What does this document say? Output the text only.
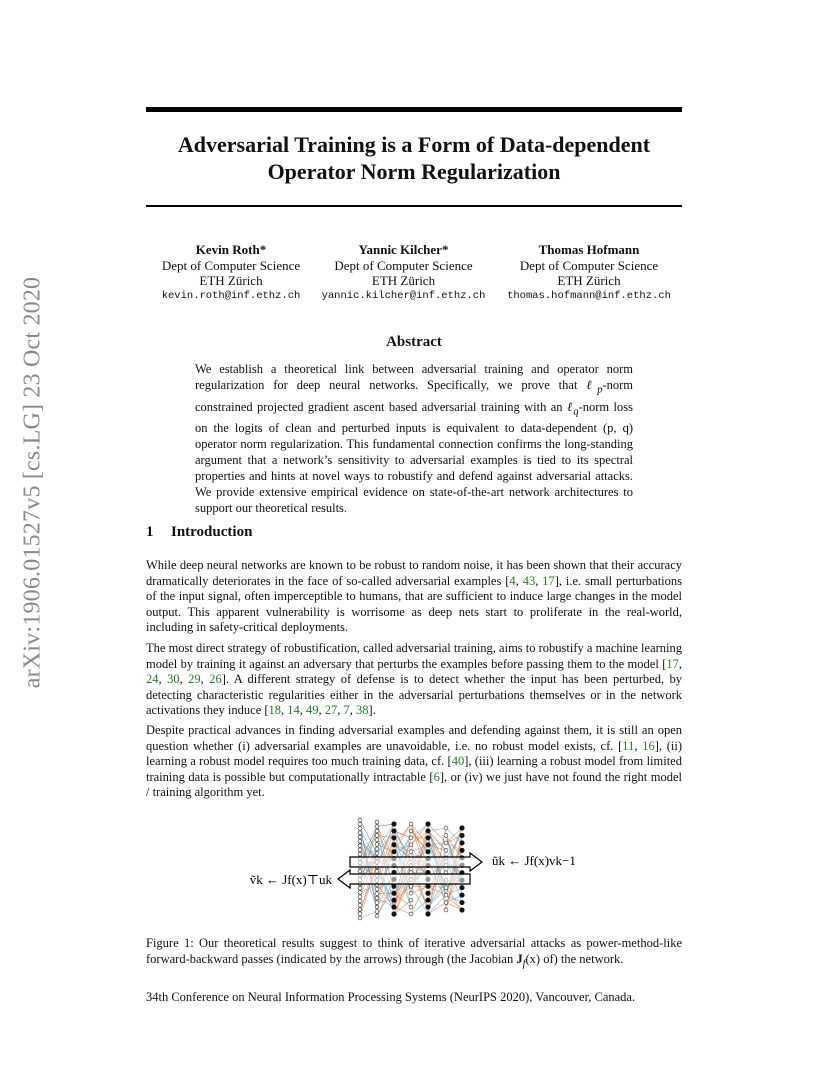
arXiv:1906.01527v5 [cs.LG] 23 Oct 2020
Adversarial Training is a Form of Data-dependent
Operator Norm Regularization
Kevin Roth*
Dept of Computer Science
ETH Zürich
kevin.roth@inf.ethz.ch
Yannic Kilcher*
Dept of Computer Science
ETH Zürich
yannic.kilcher@inf.ethz.ch
Thomas Hofmann
Dept of Computer Science
ETH Zürich
thomas.hofmann@inf.ethz.ch
Abstract

We establish a theoretical link between adversarial training and operator norm regularization for deep neural networks. Specifically, we prove that ℓ$_p$-norm constrained projected gradient ascent based adversarial training with an ℓ$_q$-norm loss on the logits of clean and perturbed inputs is equivalent to data-dependent (p, q) operator norm regularization. This fundamental connection confirms the long-standing argument that a network’s sensitivity to adversarial examples is tied to its spectral properties and hints at novel ways to robustify and defend against adversarial attacks. We provide extensive empirical evidence on state-of-the-art network architectures to support our theoretical results.

1 Introduction

While deep neural networks are known to be robust to random noise, it has been shown that their accuracy dramatically deteriorates in the face of so-called adversarial examples [4, 43, 17], i.e. small perturbations of the input signal, often imperceptible to humans, that are sufficient to induce large changes in the model output. This apparent vulnerability is worrisome as deep nets start to proliferate in the real-world, including in safety-critical deployments.

The most direct strategy of robustification, called adversarial training, aims to robustify a machine learning model by training it against an adversary that perturbs the examples before passing them to the model [17, 24, 30, 29, 26]. A different strategy of defense is to detect whether the input has been perturbed, by detecting characteristic regularities either in the adversarial perturbations themselves or in the network activations they induce [18, 14, 49, 27, 7, 38].

Despite practical advances in finding adversarial examples and defending against them, it is still an open question whether (i) adversarial examples are unavoidable, i.e. no robust model exists, cf. [11, 16], (ii) learning a robust model requires too much training data, cf. [40], (iii) learning a robust model from limited training data is possible but computationally intractable [6], or (iv) we just have not found the right model / training algorithm yet.

ṽk ← Jf(x)⊤uk
ũk ← Jf(x)vk−1

Figure 1: Our theoretical results suggest to think of iterative adversarial attacks as power-method-like forward-backward passes (indicated by the arrows) through (the Jacobian $J_f(x)$ of) the network.

34th Conference on Neural Information Processing Systems (NeurIPS 2020), Vancouver, Canada.
